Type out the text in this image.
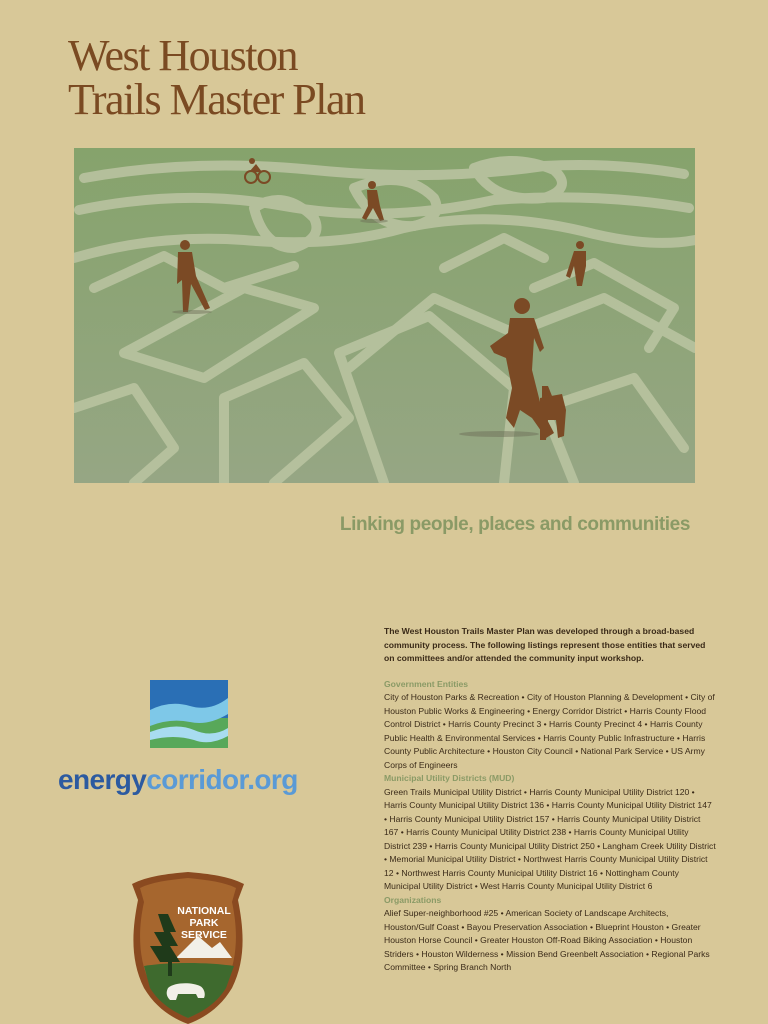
West Houston
Trails Master Plan

Linking people, places and communities

energycorridor.org

NATIONAL
PARK
SERVICE

The West Houston Trails Master Plan was developed through a broad-based community process. The following listings represent those entities that served on committees and/or attended the community input workshop.

Government Entities

City of Houston Parks & Recreation • City of Houston Planning & Development • City of Houston Public Works & Engineering • Energy Corridor District • Harris County Flood Control District • Harris County Precinct 3 • Harris County Precinct 4 • Harris County Public Health & Environmental Services • Harris County Public Infrastructure • Harris County Public Architecture • Houston City Council • National Park Service • US Army Corps of Engineers

Municipal Utility Districts (MUD)

Green Trails Municipal Utility District • Harris County Municipal Utility District 120 • Harris County Municipal Utility District 136 • Harris County Municipal Utility District 147 • Harris County Municipal Utility District 157 • Harris County Municipal Utility District 167 • Harris County Municipal Utility District 238 • Harris County Municipal Utility District 239 • Harris County Municipal Utility District 250 • Langham Creek Utility District • Memorial Municipal Utility District • Northwest Harris County Municipal Utility District 12 • Northwest Harris County Municipal Utility District 16 • Nottingham County Municipal Utility District • West Harris County Municipal Utility District 6

Organizations

Alief Super-neighborhood #25 • American Society of Landscape Architects, Houston/Gulf Coast • Bayou Preservation Association • Blueprint Houston • Greater Houston Horse Council • Greater Houston Off-Road Biking Association • Houston Striders • Houston Wilderness • Mission Bend Greenbelt Association • Regional Parks Committee • Spring Branch North
